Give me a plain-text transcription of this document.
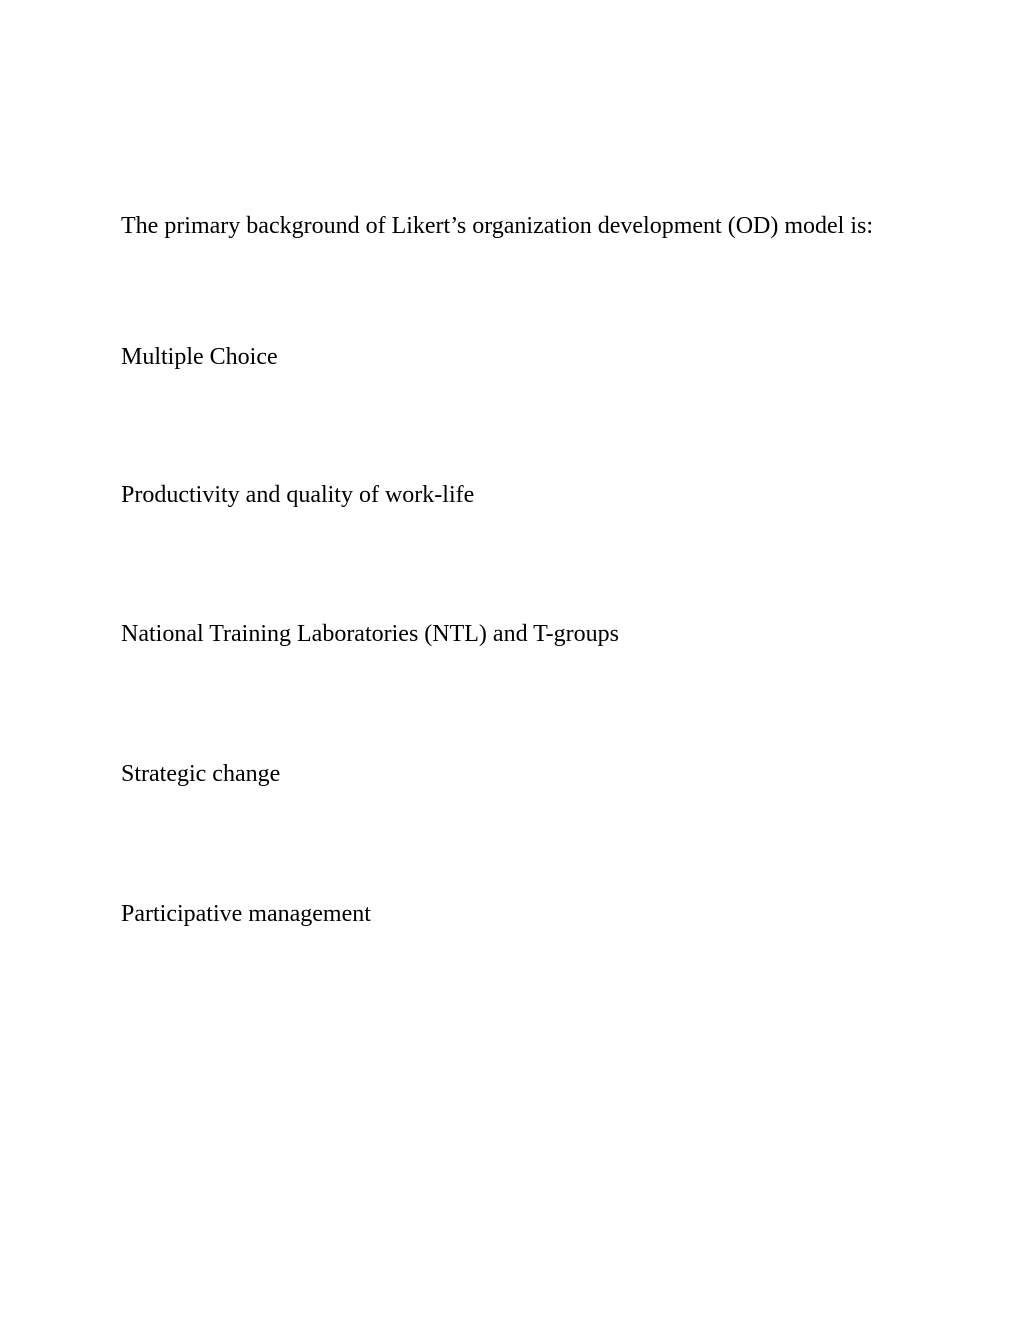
The primary background of Likert’s organization development (OD) model is:
Multiple Choice
Productivity and quality of work-life
National Training Laboratories (NTL) and T-groups
Strategic change
Participative management
